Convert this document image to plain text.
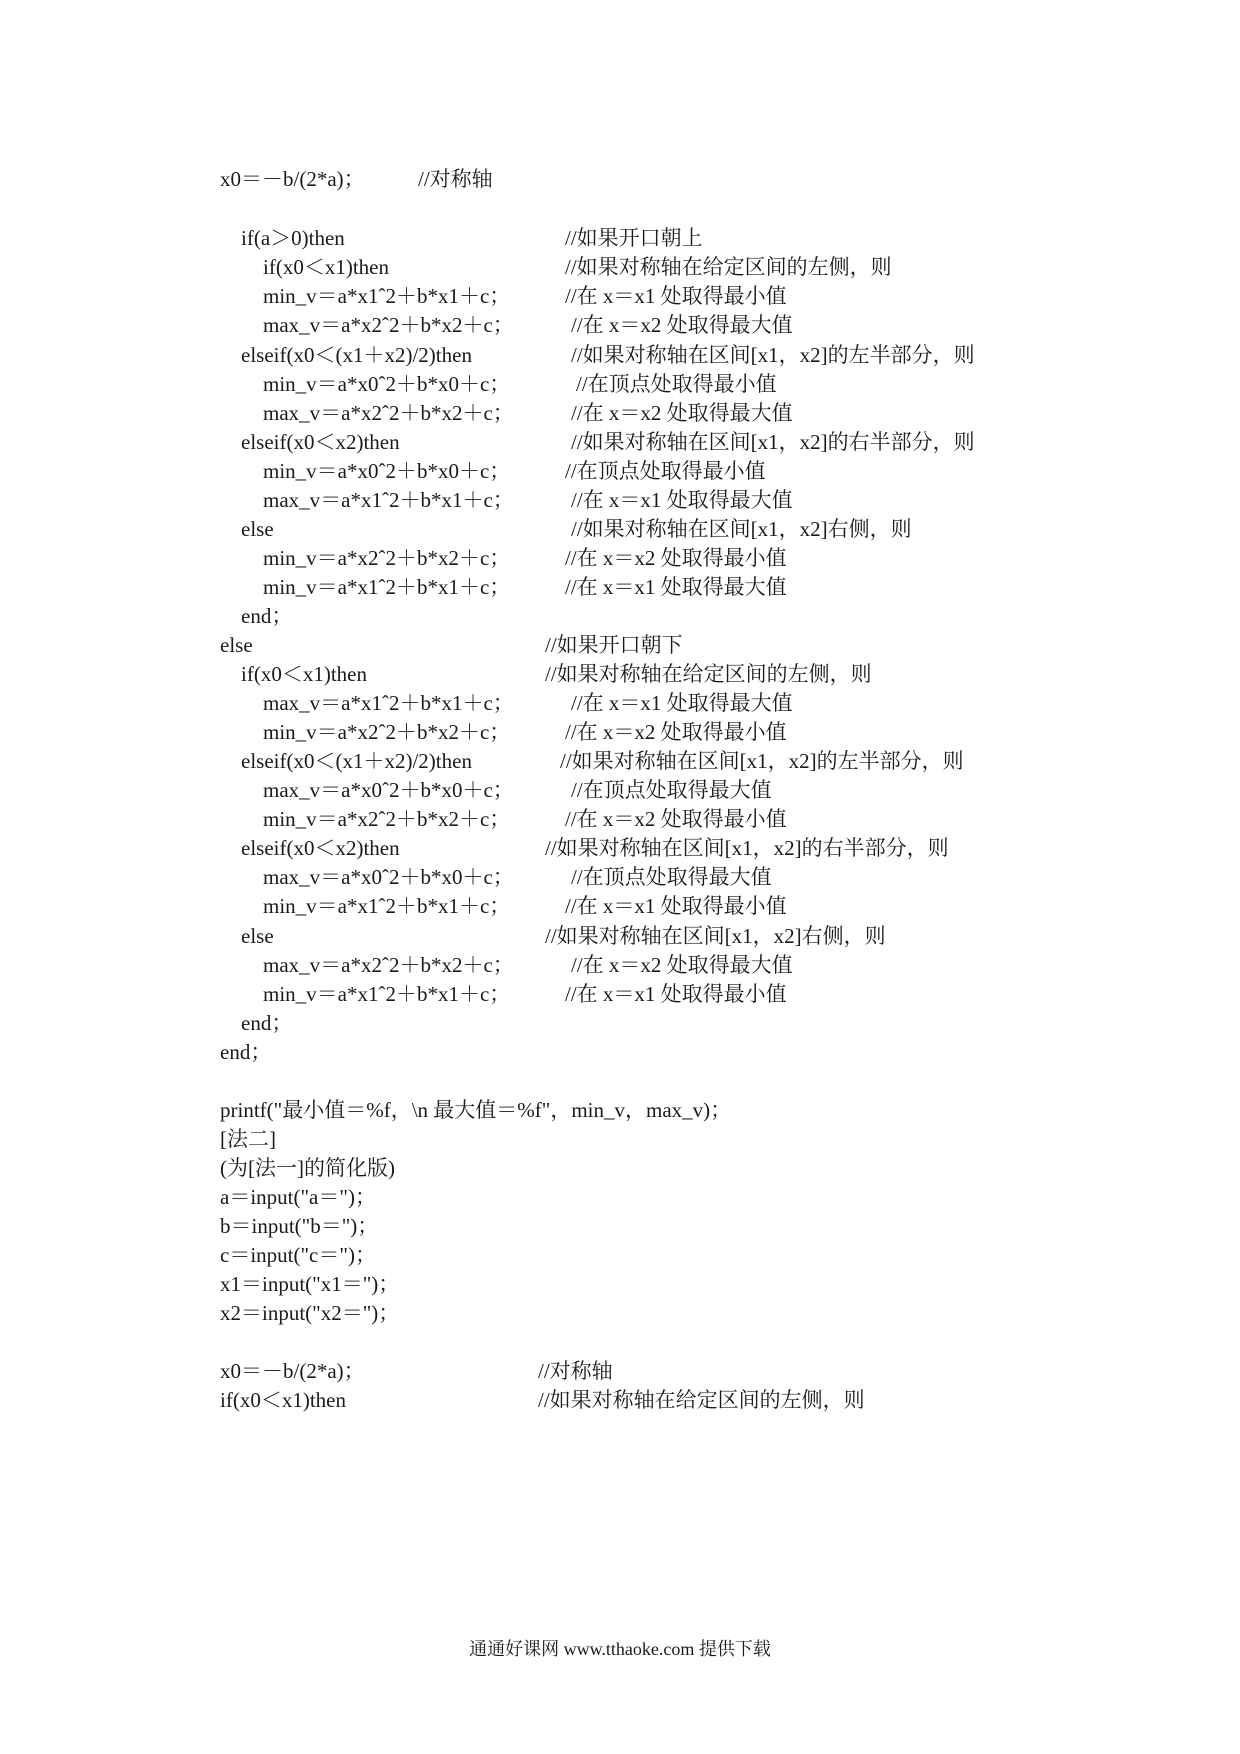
x0＝－b/(2*a)；	//对称轴
if(a＞0)then	//如果开口朝上
if(x0＜x1)then	//如果对称轴在给定区间的左侧，则
min_v＝a*x1ˆ2＋b*x1＋c；	//在 x＝x1 处取得最小值
max_v＝a*x2ˆ2＋b*x2＋c；	//在 x＝x2 处取得最大值
elseif(x0＜(x1＋x2)/2)then	//如果对称轴在区间[x1，x2]的左半部分，则
min_v＝a*x0ˆ2＋b*x0＋c；	//在顶点处取得最小值
max_v＝a*x2ˆ2＋b*x2＋c；	//在 x＝x2 处取得最大值
elseif(x0＜x2)then	//如果对称轴在区间[x1，x2]的右半部分，则
min_v＝a*x0ˆ2＋b*x0＋c；	//在顶点处取得最小值
max_v＝a*x1ˆ2＋b*x1＋c；	//在 x＝x1 处取得最大值
else	//如果对称轴在区间[x1，x2]右侧，则
min_v＝a*x2ˆ2＋b*x2＋c；	//在 x＝x2 处取得最小值
min_v＝a*x1ˆ2＋b*x1＋c；	//在 x＝x1 处取得最大值
end；
else	//如果开口朝下
if(x0＜x1)then	//如果对称轴在给定区间的左侧，则
max_v＝a*x1ˆ2＋b*x1＋c；	//在 x＝x1 处取得最大值
min_v＝a*x2ˆ2＋b*x2＋c；	//在 x＝x2 处取得最小值
elseif(x0＜(x1＋x2)/2)then	//如果对称轴在区间[x1，x2]的左半部分，则
max_v＝a*x0ˆ2＋b*x0＋c；	//在顶点处取得最大值
min_v＝a*x2ˆ2＋b*x2＋c；	//在 x＝x2 处取得最小值
elseif(x0＜x2)then	//如果对称轴在区间[x1，x2]的右半部分，则
max_v＝a*x0ˆ2＋b*x0＋c；	//在顶点处取得最大值
min_v＝a*x1ˆ2＋b*x1＋c；	//在 x＝x1 处取得最小值
else	//如果对称轴在区间[x1，x2]右侧，则
max_v＝a*x2ˆ2＋b*x2＋c；	//在 x＝x2 处取得最大值
min_v＝a*x1ˆ2＋b*x1＋c；	//在 x＝x1 处取得最小值
end；
end；
printf("最小值＝%f，\n 最大值＝%f"，min_v，max_v)；
[法二]
(为[法一]的简化版)
a＝input("a＝")；
b＝input("b＝")；
c＝input("c＝")；
x1＝input("x1＝")；
x2＝input("x2＝")；
x0＝－b/(2*a)；	//对称轴
if(x0＜x1)then	//如果对称轴在给定区间的左侧，则
通通好课网 www.tthaoke.com 提供下载
